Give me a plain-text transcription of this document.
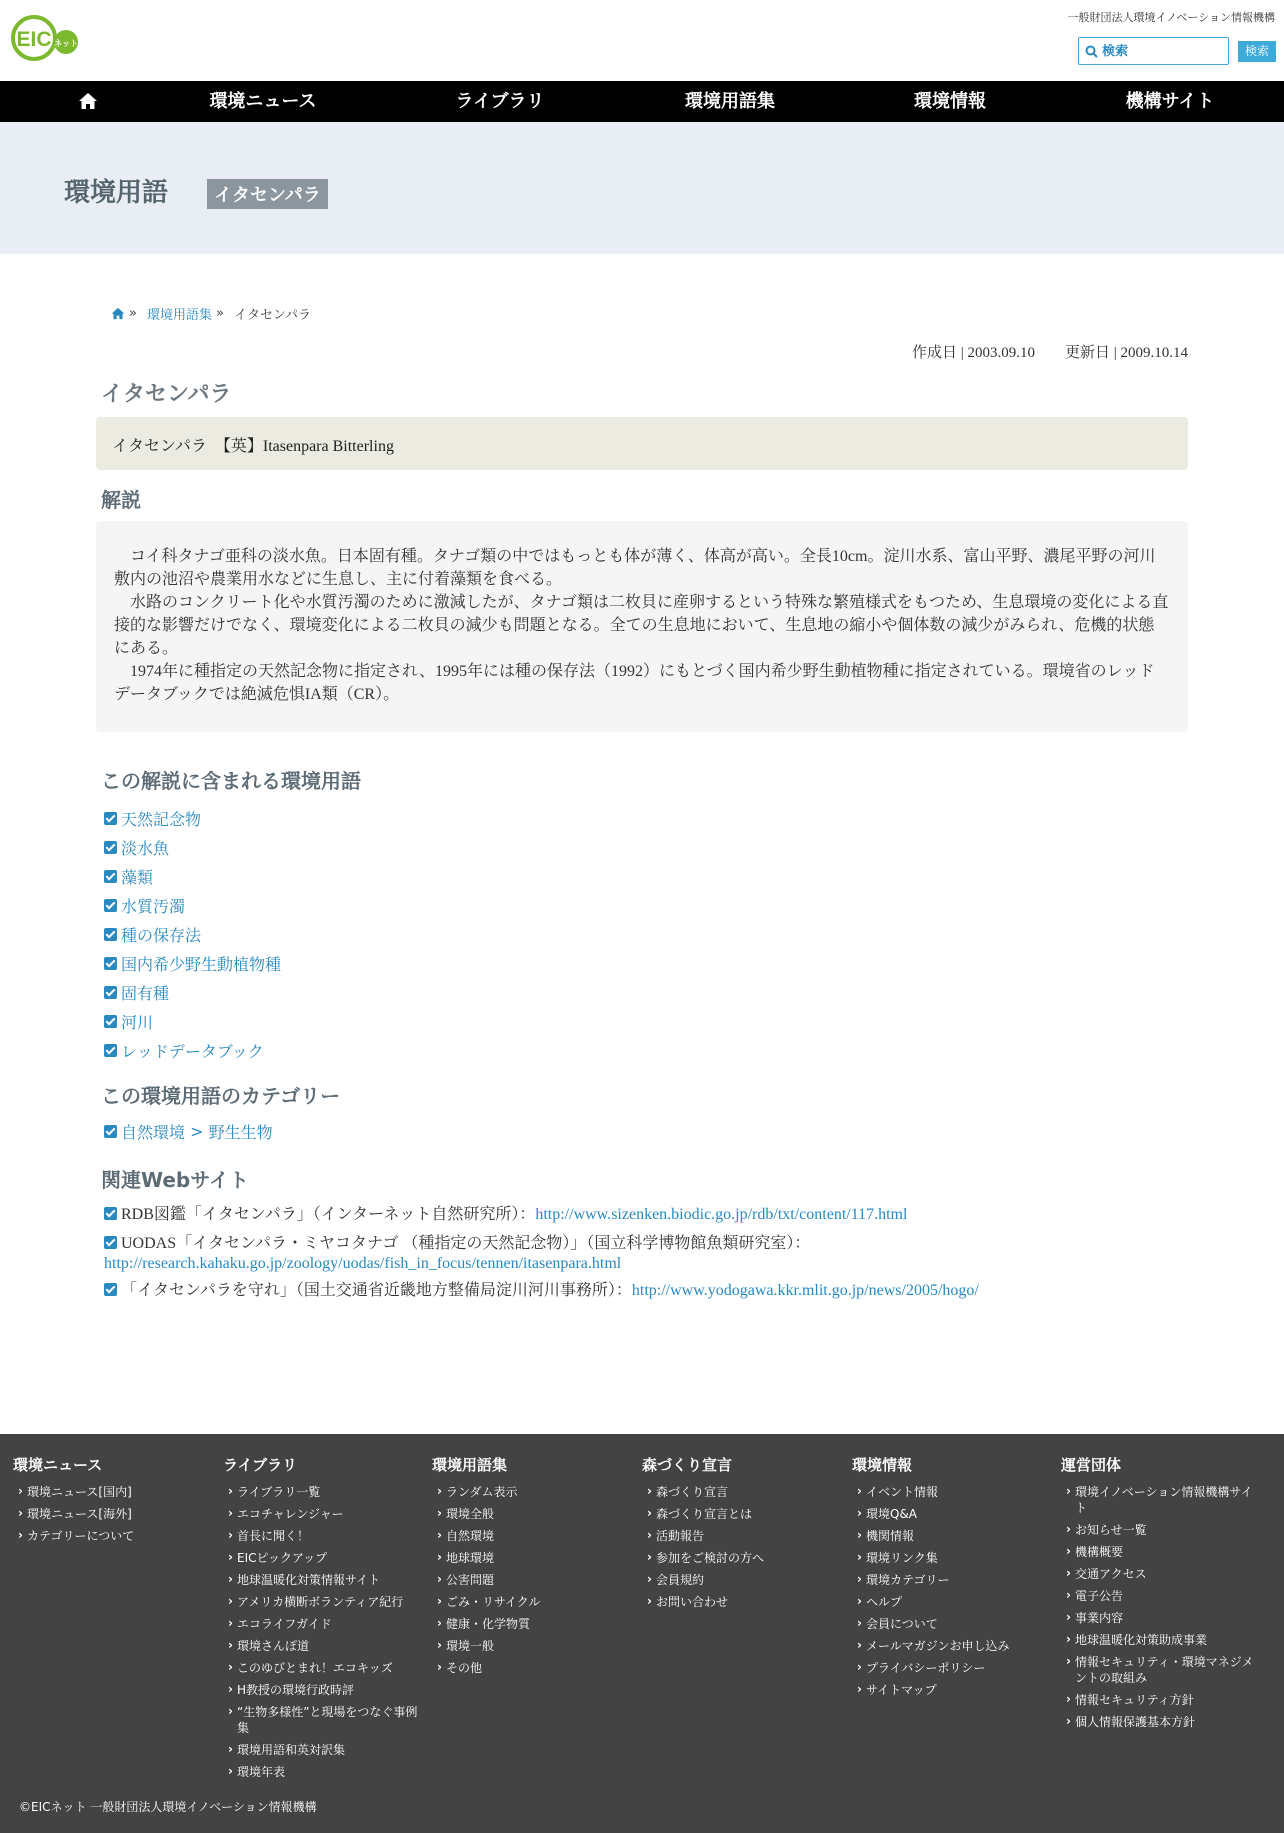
EIC ネット
一般財団法人環境イノベーション情報機構
検索
検索
環境ニュース	ライブラリ	環境用語集	環境情報	機構サイト
環境用語	イタセンパラ
» 環境用語集 » イタセンパラ
作成日 | 2003.09.10　　更新日 | 2009.10.14
イタセンパラ
イタセンパラ　【英】Itasenpara Bitterling
解説

コイ科タナゴ亜科の淡水魚。日本固有種。タナゴ類の中ではもっとも体が薄く、体高が高い。全長10cm。淀川水系、富山平野、濃尾平野の河川敷内の池沼や農業用水などに生息し、主に付着藻類を食べる。

水路のコンクリート化や水質汚濁のために激減したが、タナゴ類は二枚貝に産卵するという特殊な繁殖様式をもつため、生息環境の変化による直接的な影響だけでなく、環境変化による二枚貝の減少も問題となる。全ての生息地において、生息地の縮小や個体数の減少がみられ、危機的状態にある。

1974年に種指定の天然記念物に指定され、1995年には種の保存法（1992）にもとづく国内希少野生動植物種に指定されている。環境省のレッドデータブックでは絶滅危惧IA類（CR）。

この解説に含まれる環境用語
天然記念物
淡水魚
藻類
水質汚濁
種の保存法
国内希少野生動植物種
固有種
河川
レッドデータブック
この環境用語のカテゴリー
自然環境 > 野生生物
関連Webサイト
RDB図鑑「イタセンパラ」（インターネット自然研究所）：http://www.sizenken.biodic.go.jp/rdb/txt/content/117.html
UODAS「イタセンパラ・ミヤコタナゴ （種指定の天然記念物）」（国立科学博物館魚類研究室）：
http://research.kahaku.go.jp/zoology/uodas/fish_in_focus/tennen/itasenpara.html
「イタセンパラを守れ」（国土交通省近畿地方整備局淀川河川事務所）：http://www.yodogawa.kkr.mlit.go.jp/news/2005/hogo/
環境ニュース
› 環境ニュース[国内]
› 環境ニュース[海外]
› カテゴリーについて
ライブラリ
› ライブラリ一覧
› エコチャレンジャー
› 首長に聞く！
› EICピックアップ
› 地球温暖化対策情報サイト
› アメリカ横断ボランティア紀行
› エコライフガイド
› 環境さんぽ道
› このゆびとまれ！エコキッズ
› H教授の環境行政時評
› “生物多様性”と現場をつなぐ事例集
› 環境用語和英対訳集
› 環境年表
環境用語集
› ランダム表示
› 環境全般
› 自然環境
› 地球環境
› 公害問題
› ごみ・リサイクル
› 健康・化学物質
› 環境一般
› その他
森づくり宣言
› 森づくり宣言
› 森づくり宣言とは
› 活動報告
› 参加をご検討の方へ
› 会員規約
› お問い合わせ
環境情報
› イベント情報
› 環境Q&A
› 機関情報
› 環境リンク集
› 環境カテゴリー
› ヘルプ
› 会員について
› メールマガジンお申し込み
› プライバシーポリシー
› サイトマップ
運営団体
› 環境イノベーション情報機構サイト
› お知らせ一覧
› 機構概要
› 交通アクセス
› 電子公告
› 事業内容
› 地球温暖化対策助成事業
› 情報セキュリティ・環境マネジメントの取組み
› 情報セキュリティ方針
› 個人情報保護基本方針
©EICネット 一般財団法人環境イノベーション情報機構
